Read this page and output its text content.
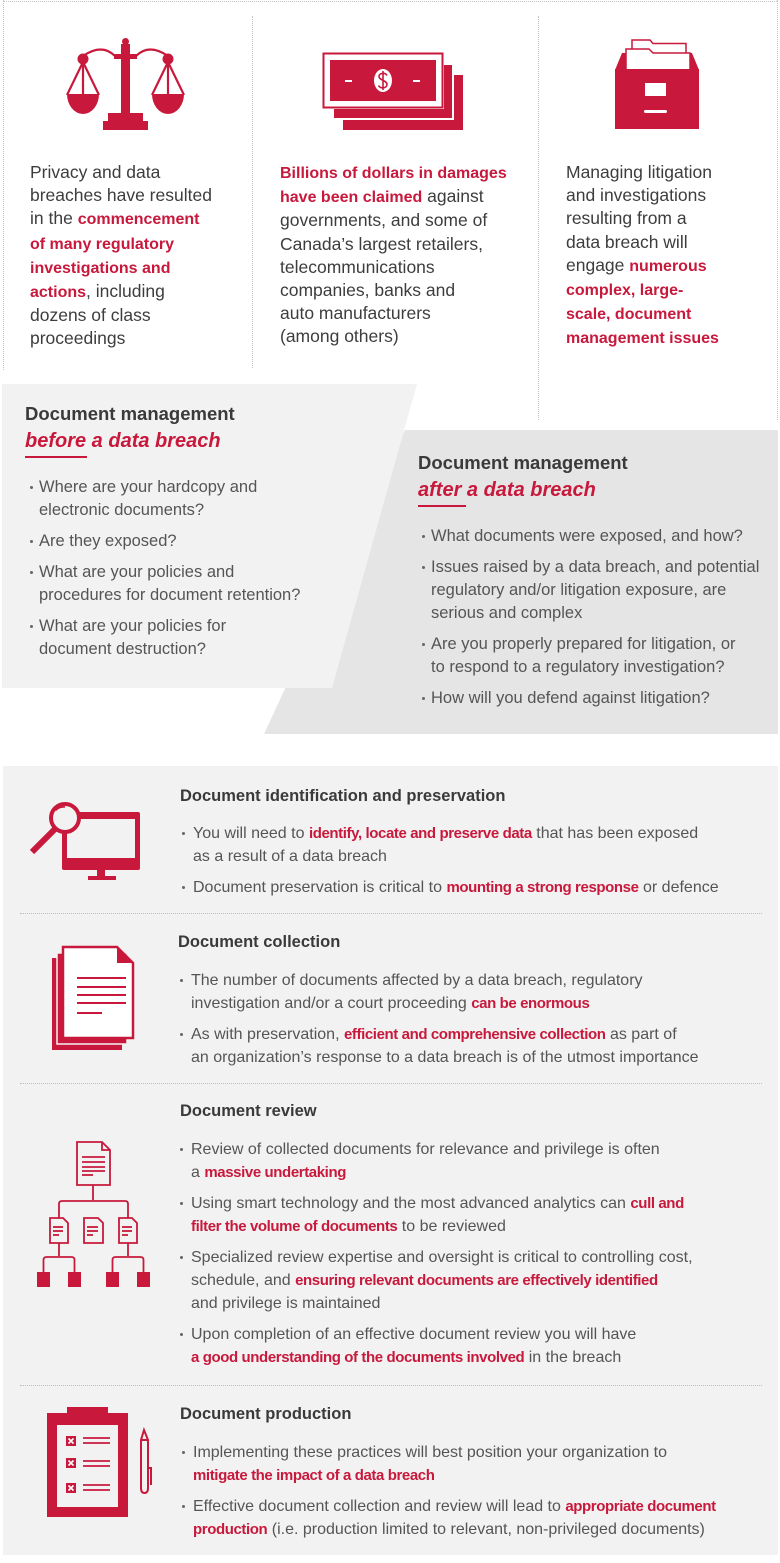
Privacy and data
breaches have resulted
in the commencement
of many regulatory
investigations and
actions, including
dozens of class
proceedings
Billions of dollars in damages
have been claimed against
governments, and some of
Canada’s largest retailers,
telecommunications
companies, banks and
auto manufacturers
(among others)
Managing litigation
and investigations
resulting from a
data breach will
engage numerous
complex, large-
scale, document
management issues
Document management
before a data breach
Where are your hardcopy and
electronic documents?
Are they exposed?
What are your policies and
procedures for document retention?
What are your policies for
document destruction?
Document management
after a data breach
What documents were exposed, and how?
Issues raised by a data breach, and potential
regulatory and/or litigation exposure, are
serious and complex
Are you properly prepared for litigation, or
to respond to a regulatory investigation?
How will you defend against litigation?
Document identification and preservation
You will need to identify, locate and preserve data that has been exposed
as a result of a data breach
Document preservation is critical to mounting a strong response or defence
Document collection
The number of documents affected by a data breach, regulatory
investigation and/or a court proceeding can be enormous
As with preservation, efficient and comprehensive collection as part of
an organization’s response to a data breach is of the utmost importance
Document review
Review of collected documents for relevance and privilege is often
a massive undertaking
Using smart technology and the most advanced analytics can cull and
filter the volume of documents to be reviewed
Specialized review expertise and oversight is critical to controlling cost,
schedule, and ensuring relevant documents are effectively identified
and privilege is maintained
Upon completion of an effective document review you will have
a good understanding of the documents involved in the breach
Document production
Implementing these practices will best position your organization to
mitigate the impact of a data breach
Effective document collection and review will lead to appropriate document
production (i.e. production limited to relevant, non-privileged documents)
